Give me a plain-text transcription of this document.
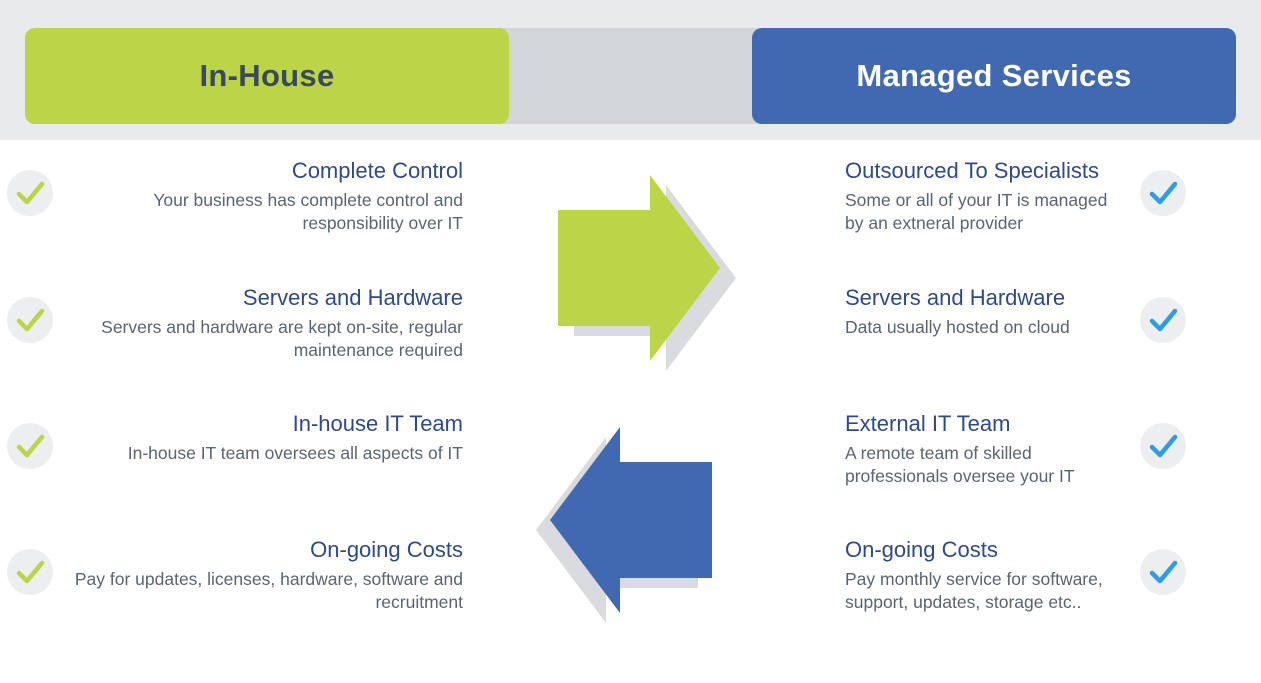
In-House	Managed Services

Complete Control

Your business has complete control and responsibility over IT

Servers and Hardware

Servers and hardware are kept on-site, regular maintenance required

In-house IT Team

In-house IT team oversees all aspects of IT

On-going Costs

Pay for updates, licenses, hardware, software and recruitment

Outsourced To Specialists

Some or all of your IT is managed by an extneral provider

Servers and Hardware

Data usually hosted on cloud

External IT Team

A remote team of skilled professionals oversee your IT

On-going Costs

Pay monthly service for software, support, updates, storage etc..
